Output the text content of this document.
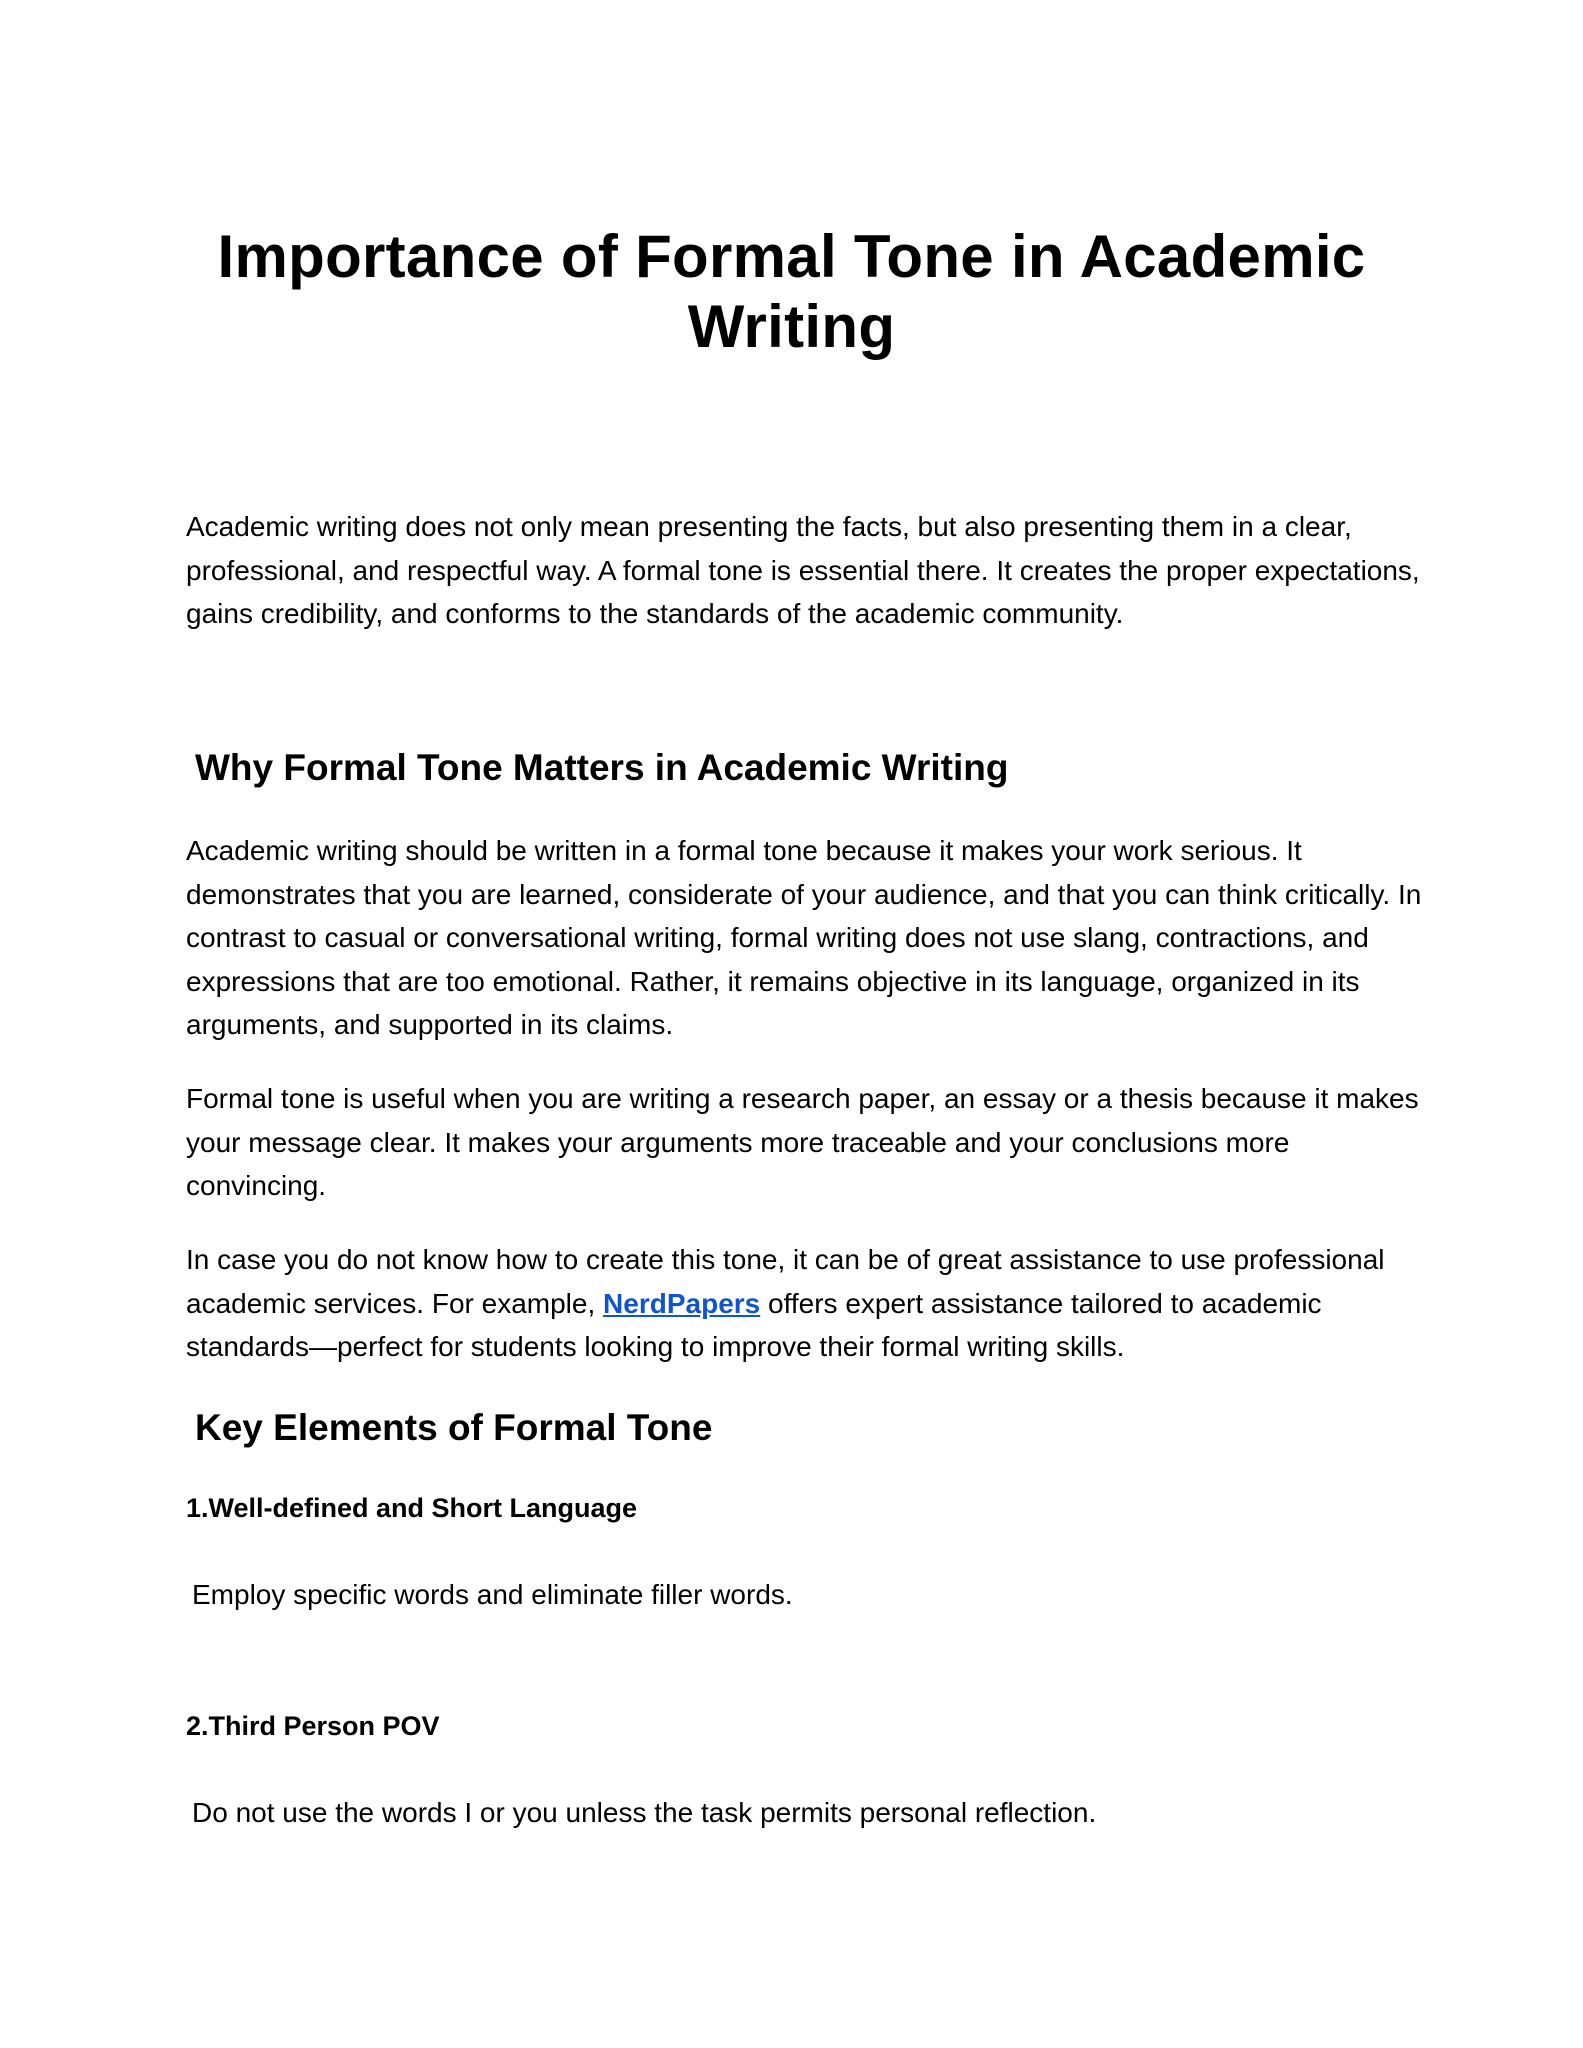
Importance of Formal Tone in Academic
Writing

Academic writing does not only mean presenting the facts, but also presenting them in a clear, professional, and respectful way. A formal tone is essential there. It creates the proper expectations, gains credibility, and conforms to the standards of the academic community.

Why Formal Tone Matters in Academic Writing

Academic writing should be written in a formal tone because it makes your work serious. It demonstrates that you are learned, considerate of your audience, and that you can think critically. In contrast to casual or conversational writing, formal writing does not use slang, contractions, and expressions that are too emotional. Rather, it remains objective in its language, organized in its arguments, and supported in its claims.

Formal tone is useful when you are writing a research paper, an essay or a thesis because it makes your message clear. It makes your arguments more traceable and your conclusions more convincing.

In case you do not know how to create this tone, it can be of great assistance to use professional academic services. For example, NerdPapers offers expert assistance tailored to academic standards—perfect for students looking to improve their formal writing skills.

Key Elements of Formal Tone
1.Well-defined and Short Language

Employ specific words and eliminate filler words.

2.Third Person POV

Do not use the words I or you unless the task permits personal reflection.
